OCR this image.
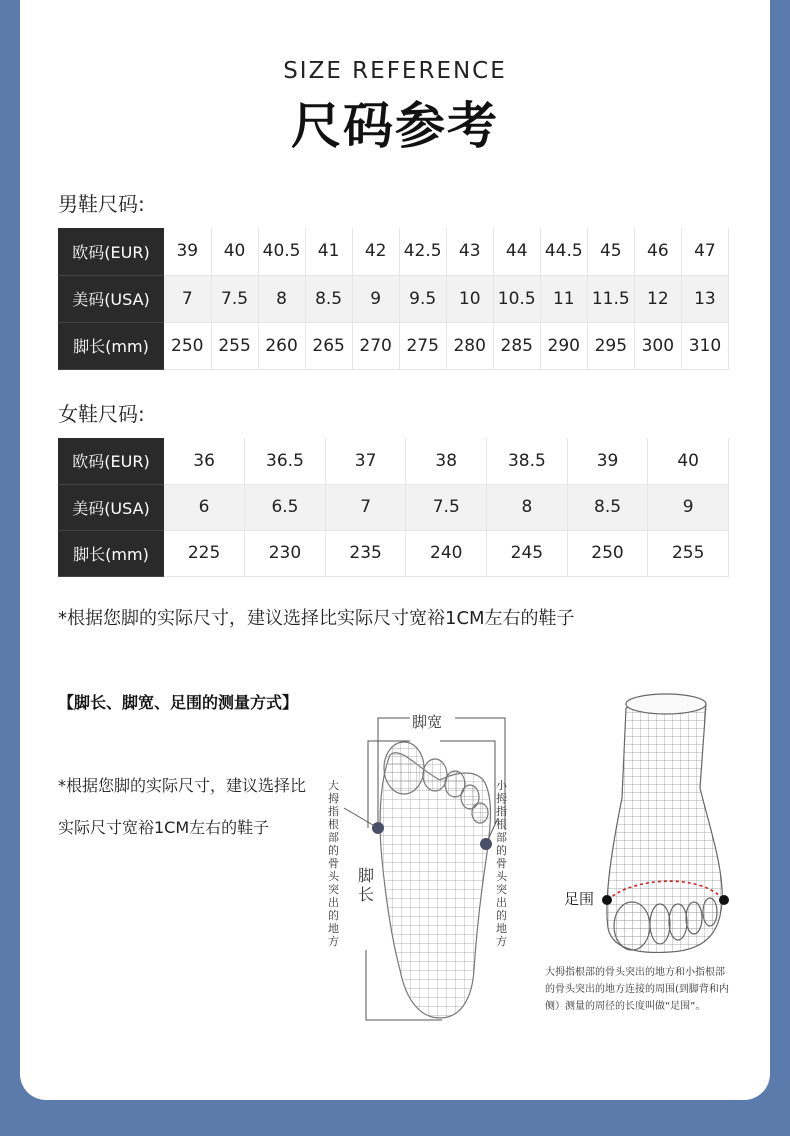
SIZE REFERENCE
尺码参考
男鞋尺码:
欧码(EUR)	39	40	40.5	41	42	42.5	43	44	44.5	45	46	47
美码(USA)	7	7.5	8	8.5	9	9.5	10	10.5	11	11.5	12	13
脚长(mm)	250	255	260	265	270	275	280	285	290	295	300	310
女鞋尺码:
欧码(EUR)	36	36.5	37	38	38.5	39	40
美码(USA)	6	6.5	7	7.5	8	8.5	9
脚长(mm)	225	230	235	240	245	250	255
*根据您脚的实际尺寸，建议选择比实际尺寸宽裕1CM左右的鞋子
【脚长、脚宽、足围的测量方式】
*根据您脚的实际尺寸，建议选择比实际尺寸宽裕1CM左右的鞋子
脚宽
脚长
大拇指根部的骨头突出的地方
小拇指根部的骨头突出的地方
足围
大拇指根部的骨头突出的地方和小指根部的骨头突出的地方连接的周围(到脚背和内侧）测量的周径的长度叫做“足围”。
